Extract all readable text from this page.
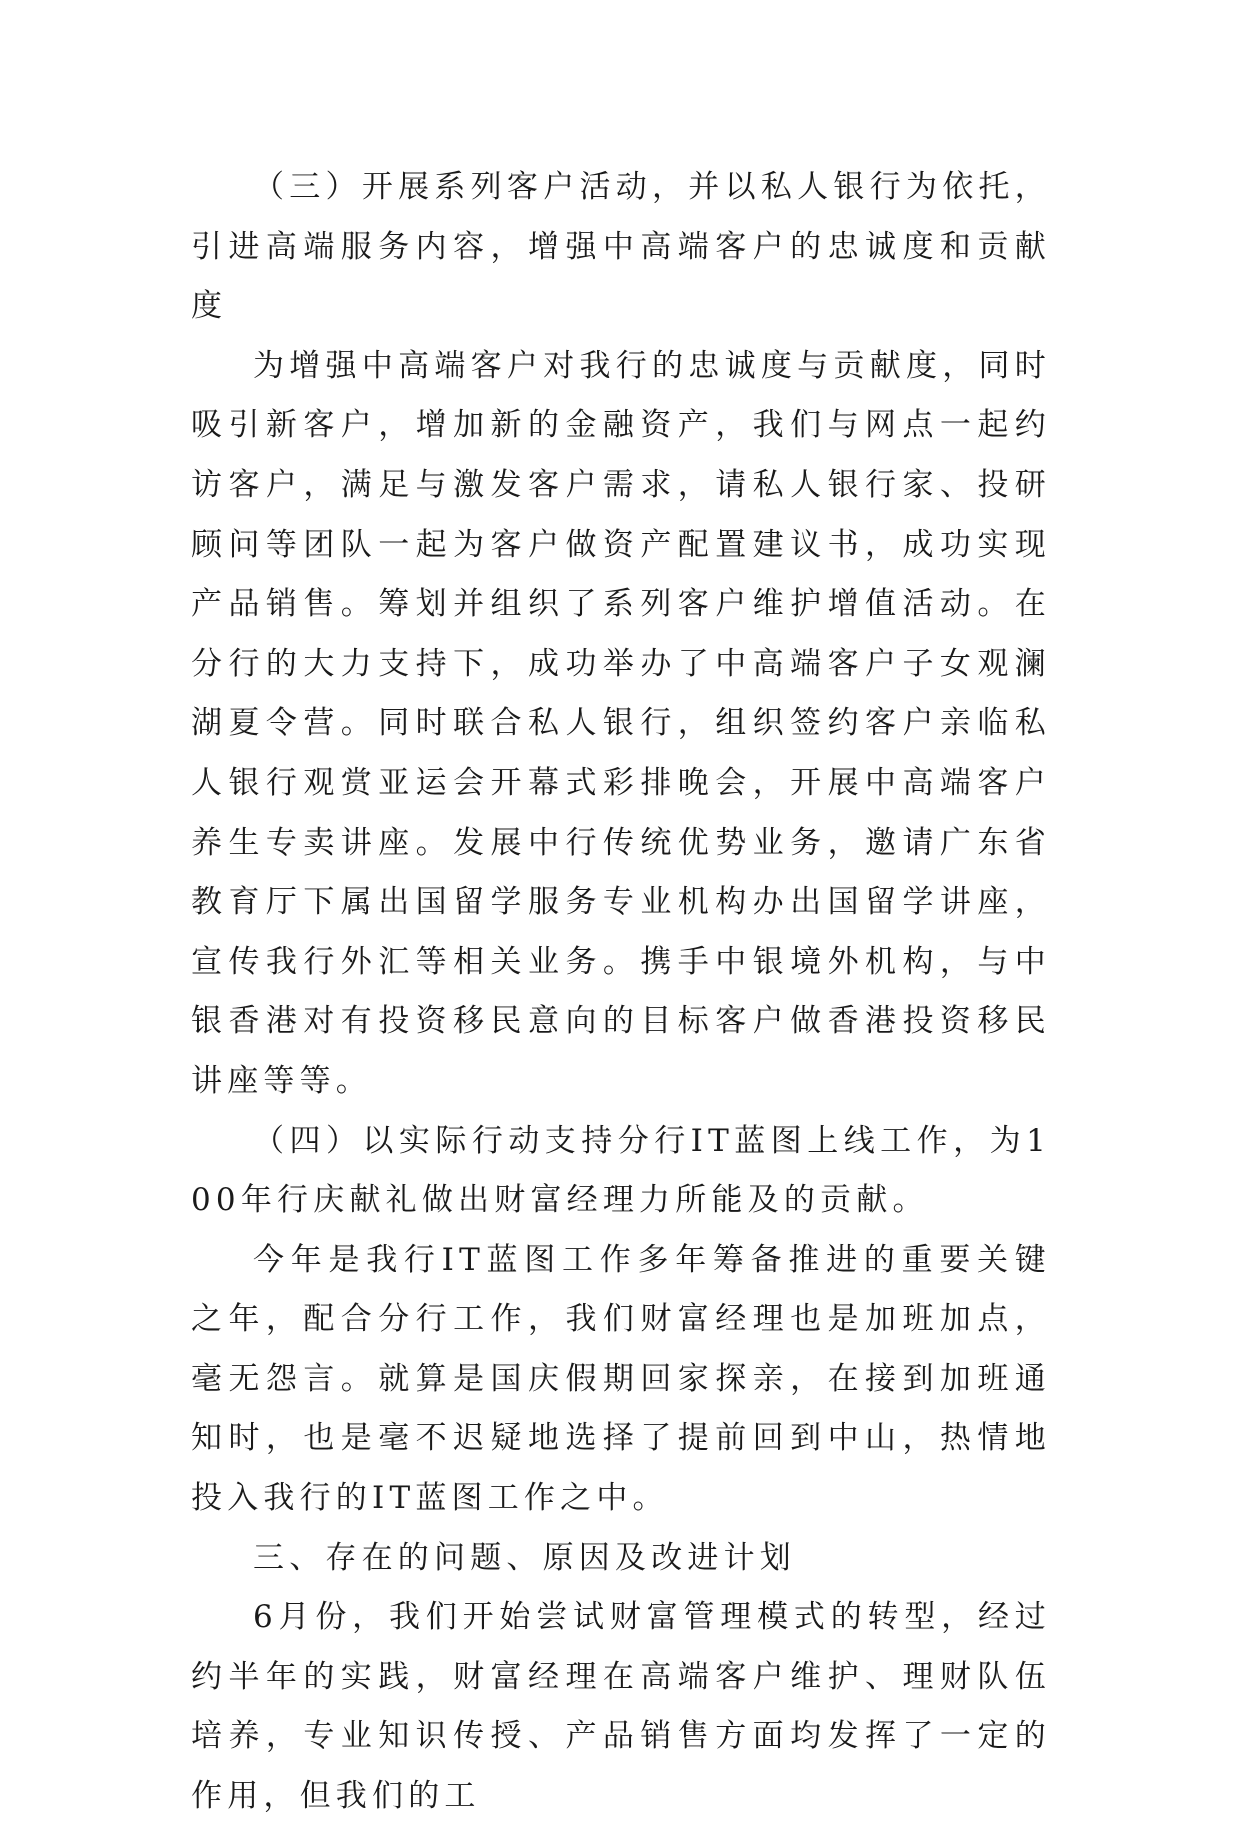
（三）开展系列客户活动，并以私人银行为依托，引进高端服务内容，增强中高端客户的忠诚度和贡献度

为增强中高端客户对我行的忠诚度与贡献度，同时吸引新客户，增加新的金融资产，我们与网点一起约访客户，满足与激发客户需求，请私人银行家、投研顾问等团队一起为客户做资产配置建议书，成功实现产品销售。筹划并组织了系列客户维护增值活动。在分行的大力支持下，成功举办了中高端客户子女观澜湖夏令营。同时联合私人银行，组织签约客户亲临私人银行观赏亚运会开幕式彩排晚会，开展中高端客户养生专卖讲座。发展中行传统优势业务，邀请广东省教育厅下属出国留学服务专业机构办出国留学讲座，宣传我行外汇等相关业务。携手中银境外机构，与中银香港对有投资移民意向的目标客户做香港投资移民讲座等等。

（四）以实际行动支持分行IT蓝图上线工作，为100年行庆献礼做出财富经理力所能及的贡献。

今年是我行IT蓝图工作多年筹备推进的重要关键之年，配合分行工作，我们财富经理也是加班加点，毫无怨言。就算是国庆假期回家探亲，在接到加班通知时，也是毫不迟疑地选择了提前回到中山，热情地投入我行的IT蓝图工作之中。

三、存在的问题、原因及改进计划

6月份，我们开始尝试财富管理模式的转型，经过约半年的实践，财富经理在高端客户维护、理财队伍培养，专业知识传授、产品销售方面均发挥了一定的作用，但我们的工
